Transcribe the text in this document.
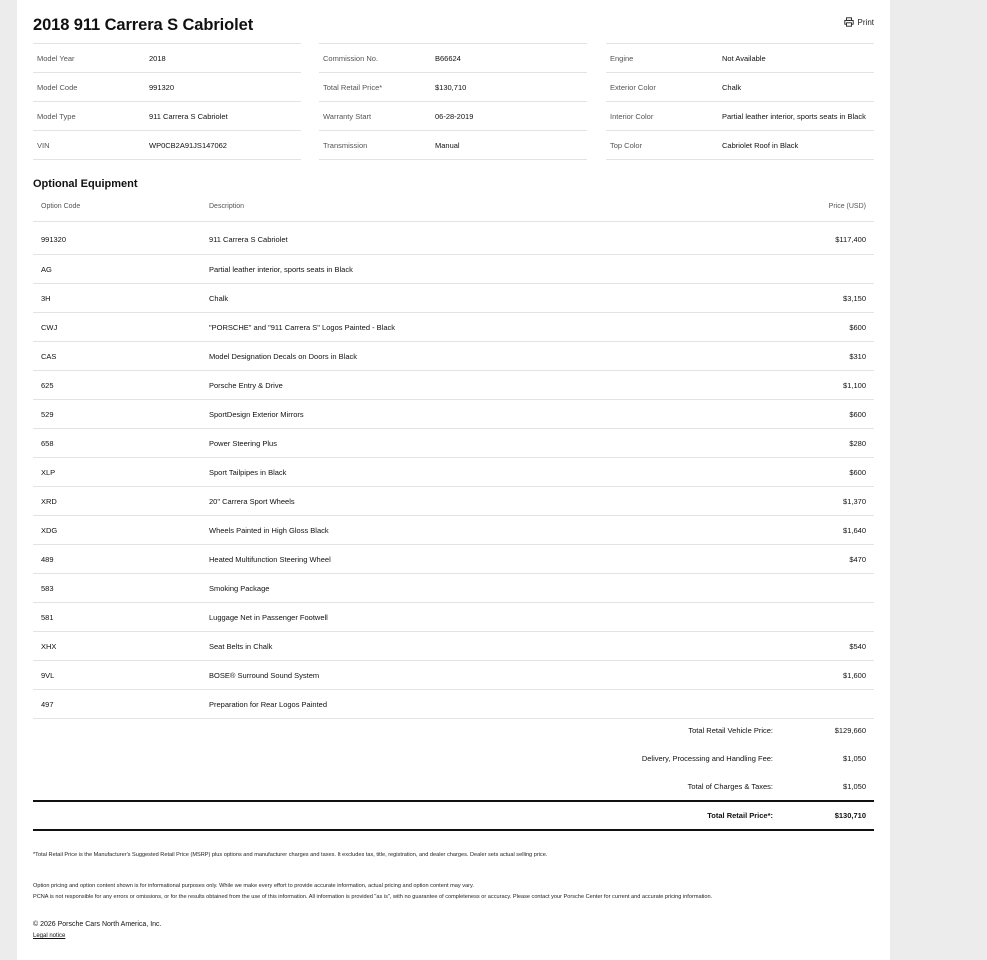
2018 911 Carrera S Cabriolet	Print
Model Year	2018
Model Code	991320
Model Type	911 Carrera S Cabriolet
VIN	WP0CB2A91JS147062
Commission No.	B66624
Total Retail Price*	$130,710
Warranty Start	06-28-2019
Transmission	Manual
Engine	Not Available
Exterior Color	Chalk
Interior Color	Partial leather interior, sports seats in Black
Top Color	Cabriolet Roof in Black
Optional Equipment
Option Code	Description	Price (USD)
991320	911 Carrera S Cabriolet	$117,400
AG	Partial leather interior, sports seats in Black
3H	Chalk	$3,150
CWJ	"PORSCHE" and "911 Carrera S" Logos Painted - Black	$600
CAS	Model Designation Decals on Doors in Black	$310
625	Porsche Entry & Drive	$1,100
529	SportDesign Exterior Mirrors	$600
658	Power Steering Plus	$280
XLP	Sport Tailpipes in Black	$600
XRD	20" Carrera Sport Wheels	$1,370
XDG	Wheels Painted in High Gloss Black	$1,640
489	Heated Multifunction Steering Wheel	$470
583	Smoking Package
581	Luggage Net in Passenger Footwell
XHX	Seat Belts in Chalk	$540
9VL	BOSE® Surround Sound System	$1,600
497	Preparation for Rear Logos Painted
Total Retail Vehicle Price:	$129,660
Delivery, Processing and Handling Fee:	$1,050
Total of Charges & Taxes:	$1,050
Total Retail Price*:	$130,710
*Total Retail Price is the Manufacturer's Suggested Retail Price (MSRP) plus options and manufacturer charges and taxes. It excludes tax, title, registration, and dealer charges. Dealer sets actual selling price.
Option pricing and option content shown is for informational purposes only. While we make every effort to provide accurate information, actual pricing and option content may vary.
PCNA is not responsible for any errors or omissions, or for the results obtained from the use of this information. All information is provided "as is", with no guarantee of completeness or accuracy. Please contact your Porsche Center for current and accurate pricing information.
© 2026 Porsche Cars North America, Inc.
Legal notice
